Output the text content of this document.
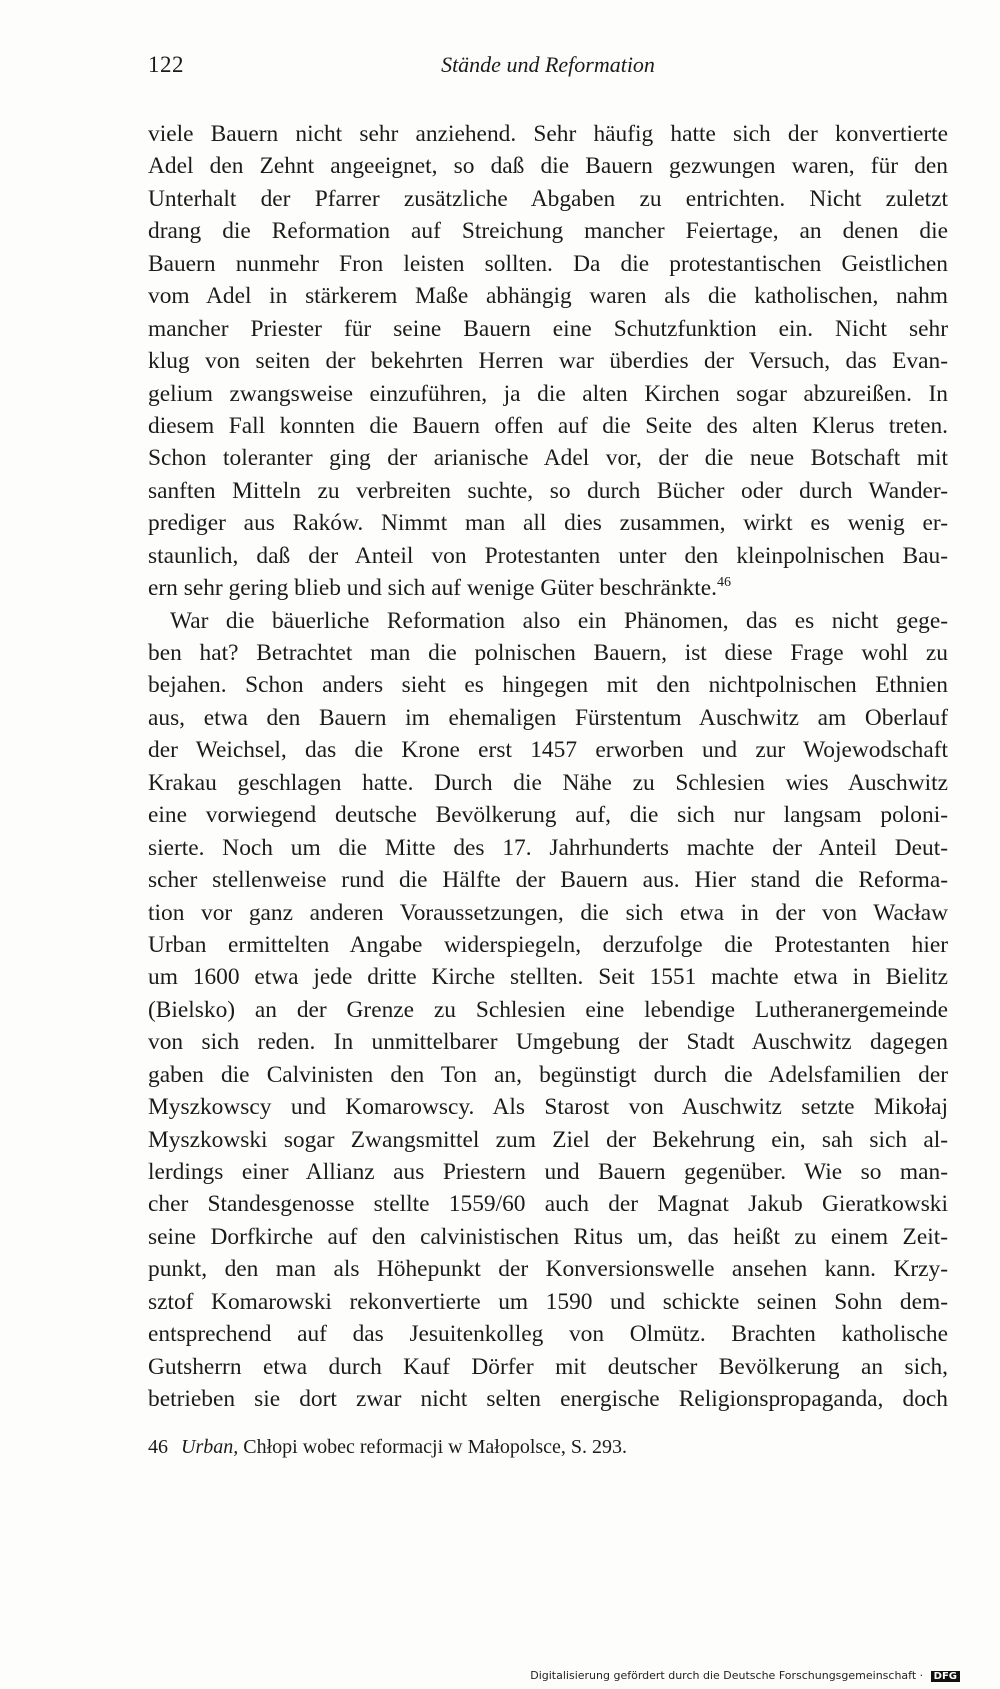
Stände und Reformation
122
viele Bauern nicht sehr anziehend. Sehr häufig hatte sich der konvertierte
Adel den Zehnt angeeignet, so daß die Bauern gezwungen waren, für den
Unterhalt der Pfarrer zusätzliche Abgaben zu entrichten. Nicht zuletzt
drang die Reformation auf Streichung mancher Feiertage, an denen die
Bauern nunmehr Fron leisten sollten. Da die protestantischen Geistlichen
vom Adel in stärkerem Maße abhängig waren als die katholischen, nahm
mancher Priester für seine Bauern eine Schutzfunktion ein. Nicht sehr
klug von seiten der bekehrten Herren war überdies der Versuch, das Evan-
gelium zwangsweise einzuführen, ja die alten Kirchen sogar abzureißen. In
diesem Fall konnten die Bauern offen auf die Seite des alten Klerus treten.
Schon toleranter ging der arianische Adel vor, der die neue Botschaft mit
sanften Mitteln zu verbreiten suchte, so durch Bücher oder durch Wander-
prediger aus Raków. Nimmt man all dies zusammen, wirkt es wenig er-
staunlich, daß der Anteil von Protestanten unter den kleinpolnischen Bau-
ern sehr gering blieb und sich auf wenige Güter beschränkte.$^{46}$
War die bäuerliche Reformation also ein Phänomen, das es nicht gege-
ben hat? Betrachtet man die polnischen Bauern, ist diese Frage wohl zu
bejahen. Schon anders sieht es hingegen mit den nichtpolnischen Ethnien
aus, etwa den Bauern im ehemaligen Fürstentum Auschwitz am Oberlauf
der Weichsel, das die Krone erst 1457 erworben und zur Wojewodschaft
Krakau geschlagen hatte. Durch die Nähe zu Schlesien wies Auschwitz
eine vorwiegend deutsche Bevölkerung auf, die sich nur langsam poloni-
sierte. Noch um die Mitte des 17. Jahrhunderts machte der Anteil Deut-
scher stellenweise rund die Hälfte der Bauern aus. Hier stand die Reforma-
tion vor ganz anderen Voraussetzungen, die sich etwa in der von Wacław
Urban ermittelten Angabe widerspiegeln, derzufolge die Protestanten hier
um 1600 etwa jede dritte Kirche stellten. Seit 1551 machte etwa in Bielitz
(Bielsko) an der Grenze zu Schlesien eine lebendige Lutheranergemeinde
von sich reden. In unmittelbarer Umgebung der Stadt Auschwitz dagegen
gaben die Calvinisten den Ton an, begünstigt durch die Adelsfamilien der
Myszkowscy und Komarowscy. Als Starost von Auschwitz setzte Mikołaj
Myszkowski sogar Zwangsmittel zum Ziel der Bekehrung ein, sah sich al-
lerdings einer Allianz aus Priestern und Bauern gegenüber. Wie so man-
cher Standesgenosse stellte 1559/60 auch der Magnat Jakub Gieratkowski
seine Dorfkirche auf den calvinistischen Ritus um, das heißt zu einem Zeit-
punkt, den man als Höhepunkt der Konversionswelle ansehen kann. Krzy-
sztof Komarowski rekonvertierte um 1590 und schickte seinen Sohn dem-
entsprechend auf das Jesuitenkolleg von Olmütz. Brachten katholische
Gutsherrn etwa durch Kauf Dörfer mit deutscher Bevölkerung an sich,
betrieben sie dort zwar nicht selten energische Religionspropaganda, doch
46 Urban, Chłopi wobec reformacji w Małopolsce, S. 293.
Digitalisierung gefördert durch die Deutsche Forschungsgemeinschaft · DFG
